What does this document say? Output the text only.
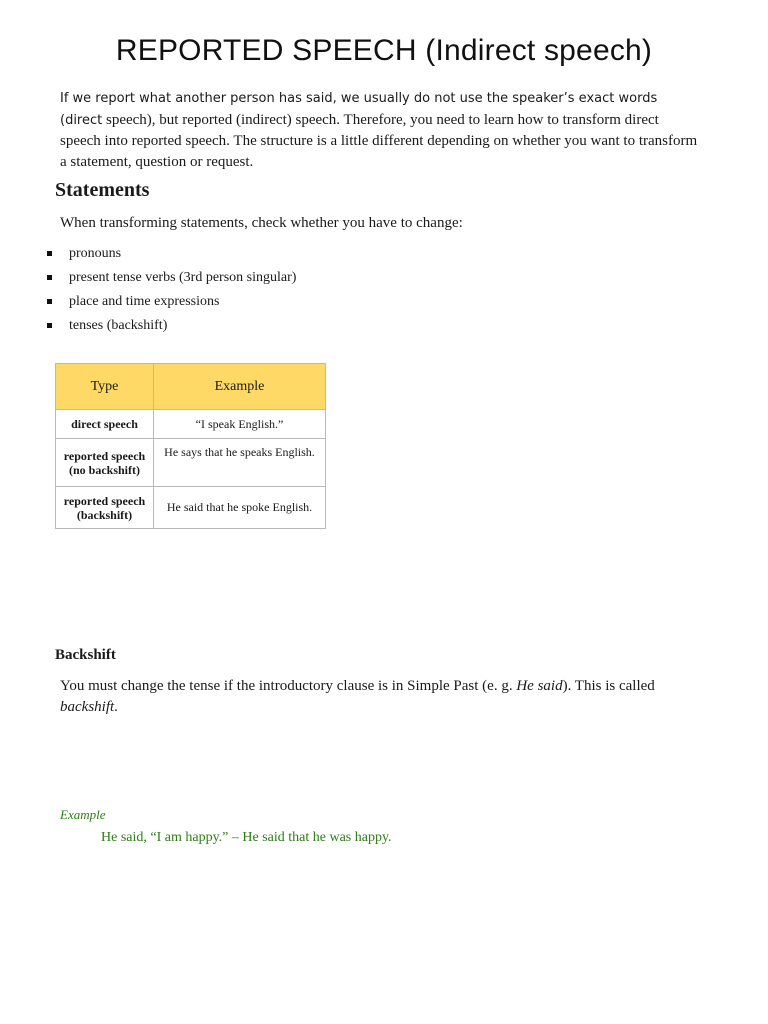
REPORTED SPEECH (Indirect speech)
If we report what another person has said, we usually do not use the speaker’s exact words (direct speech), but reported (indirect) speech. Therefore, you need to learn how to transform direct speech into reported speech. The structure is a little different depending on whether you want to transform a statement, question or request.
Statements
When transforming statements, check whether you have to change:
pronouns
present tense verbs (3rd person singular)
place and time expressions
tenses (backshift)
Type	Example
direct speech	“I speak English.”
reported speech
(no backshift)	He says that he speaks English.
reported speech
(backshift)	He said that he spoke English.
Backshift
You must change the tense if the introductory clause is in Simple Past (e. g. He said). This is called
backshift.
Example
He said, “I am happy.” – He said that he was happy.
